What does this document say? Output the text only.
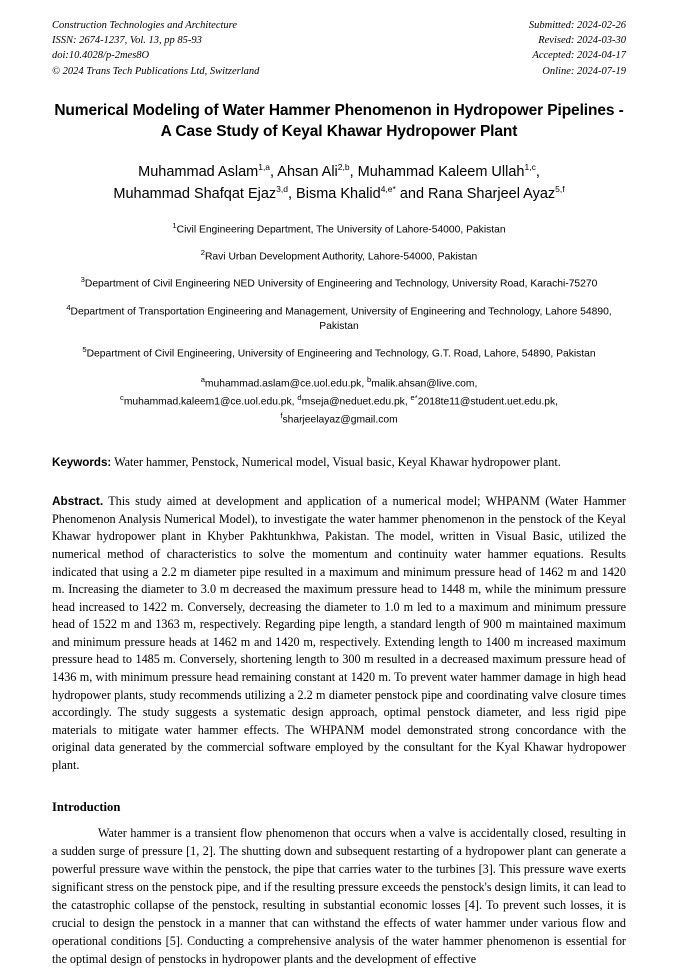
Construction Technologies and Architecture
ISSN: 2674-1237, Vol. 13, pp 85-93
doi:10.4028/p-2mes8O
© 2024 Trans Tech Publications Ltd, Switzerland
Submitted: 2024-02-26
Revised: 2024-03-30
Accepted: 2024-04-17
Online: 2024-07-19
Numerical Modeling of Water Hammer Phenomenon in Hydropower Pipelines - A Case Study of Keyal Khawar Hydropower Plant
Muhammad Aslam$^{1,a}$, Ahsan Ali$^{2,b}$, Muhammad Kaleem Ullah$^{1,c}$,
Muhammad Shafqat Ejaz$^{3,d}$, Bisma Khalid$^{4,e*}$ and Rana Sharjeel Ayaz$^{5,f}$
$^1$Civil Engineering Department, The University of Lahore-54000, Pakistan
$^2$Ravi Urban Development Authority, Lahore-54000, Pakistan
$^3$Department of Civil Engineering NED University of Engineering and Technology, University Road, Karachi-75270
$^4$Department of Transportation Engineering and Management, University of Engineering and Technology, Lahore 54890, Pakistan
$^5$Department of Civil Engineering, University of Engineering and Technology, G.T. Road, Lahore, 54890, Pakistan
$^a$muhammad.aslam@ce.uol.edu.pk, $^b$malik.ahsan@live.com,
$^c$muhammad.kaleem1@ce.uol.edu.pk, $^d$mseja@neduet.edu.pk, $^{e*}$2018te11@student.uet.edu.pk,
$^f$sharjeelayaz@gmail.com
Keywords: Water hammer, Penstock, Numerical model, Visual basic, Keyal Khawar hydropower plant.
Abstract. This study aimed at development and application of a numerical model; WHPANM (Water Hammer Phenomenon Analysis Numerical Model), to investigate the water hammer phenomenon in the penstock of the Keyal Khawar hydropower plant in Khyber Pakhtunkhwa, Pakistan. The model, written in Visual Basic, utilized the numerical method of characteristics to solve the momentum and continuity water hammer equations. Results indicated that using a 2.2 m diameter pipe resulted in a maximum and minimum pressure head of 1462 m and 1420 m. Increasing the diameter to 3.0 m decreased the maximum pressure head to 1448 m, while the minimum pressure head increased to 1422 m. Conversely, decreasing the diameter to 1.0 m led to a maximum and minimum pressure head of 1522 m and 1363 m, respectively. Regarding pipe length, a standard length of 900 m maintained maximum and minimum pressure heads at 1462 m and 1420 m, respectively. Extending length to 1400 m increased maximum pressure head to 1485 m. Conversely, shortening length to 300 m resulted in a decreased maximum pressure head of 1436 m, with minimum pressure head remaining constant at 1420 m. To prevent water hammer damage in high head hydropower plants, study recommends utilizing a 2.2 m diameter penstock pipe and coordinating valve closure times accordingly. The study suggests a systematic design approach, optimal penstock diameter, and less rigid pipe materials to mitigate water hammer effects. The WHPANM model demonstrated strong concordance with the original data generated by the commercial software employed by the consultant for the Kyal Khawar hydropower plant.
Introduction
Water hammer is a transient flow phenomenon that occurs when a valve is accidentally closed, resulting in a sudden surge of pressure [1, 2]. The shutting down and subsequent restarting of a hydropower plant can generate a powerful pressure wave within the penstock, the pipe that carries water to the turbines [3]. This pressure wave exerts significant stress on the penstock pipe, and if the resulting pressure exceeds the penstock's design limits, it can lead to the catastrophic collapse of the penstock, resulting in substantial economic losses [4]. To prevent such losses, it is crucial to design the penstock in a manner that can withstand the effects of water hammer under various flow and operational conditions [5]. Conducting a comprehensive analysis of the water hammer phenomenon is essential for the optimal design of penstocks in hydropower plants and the development of effective
